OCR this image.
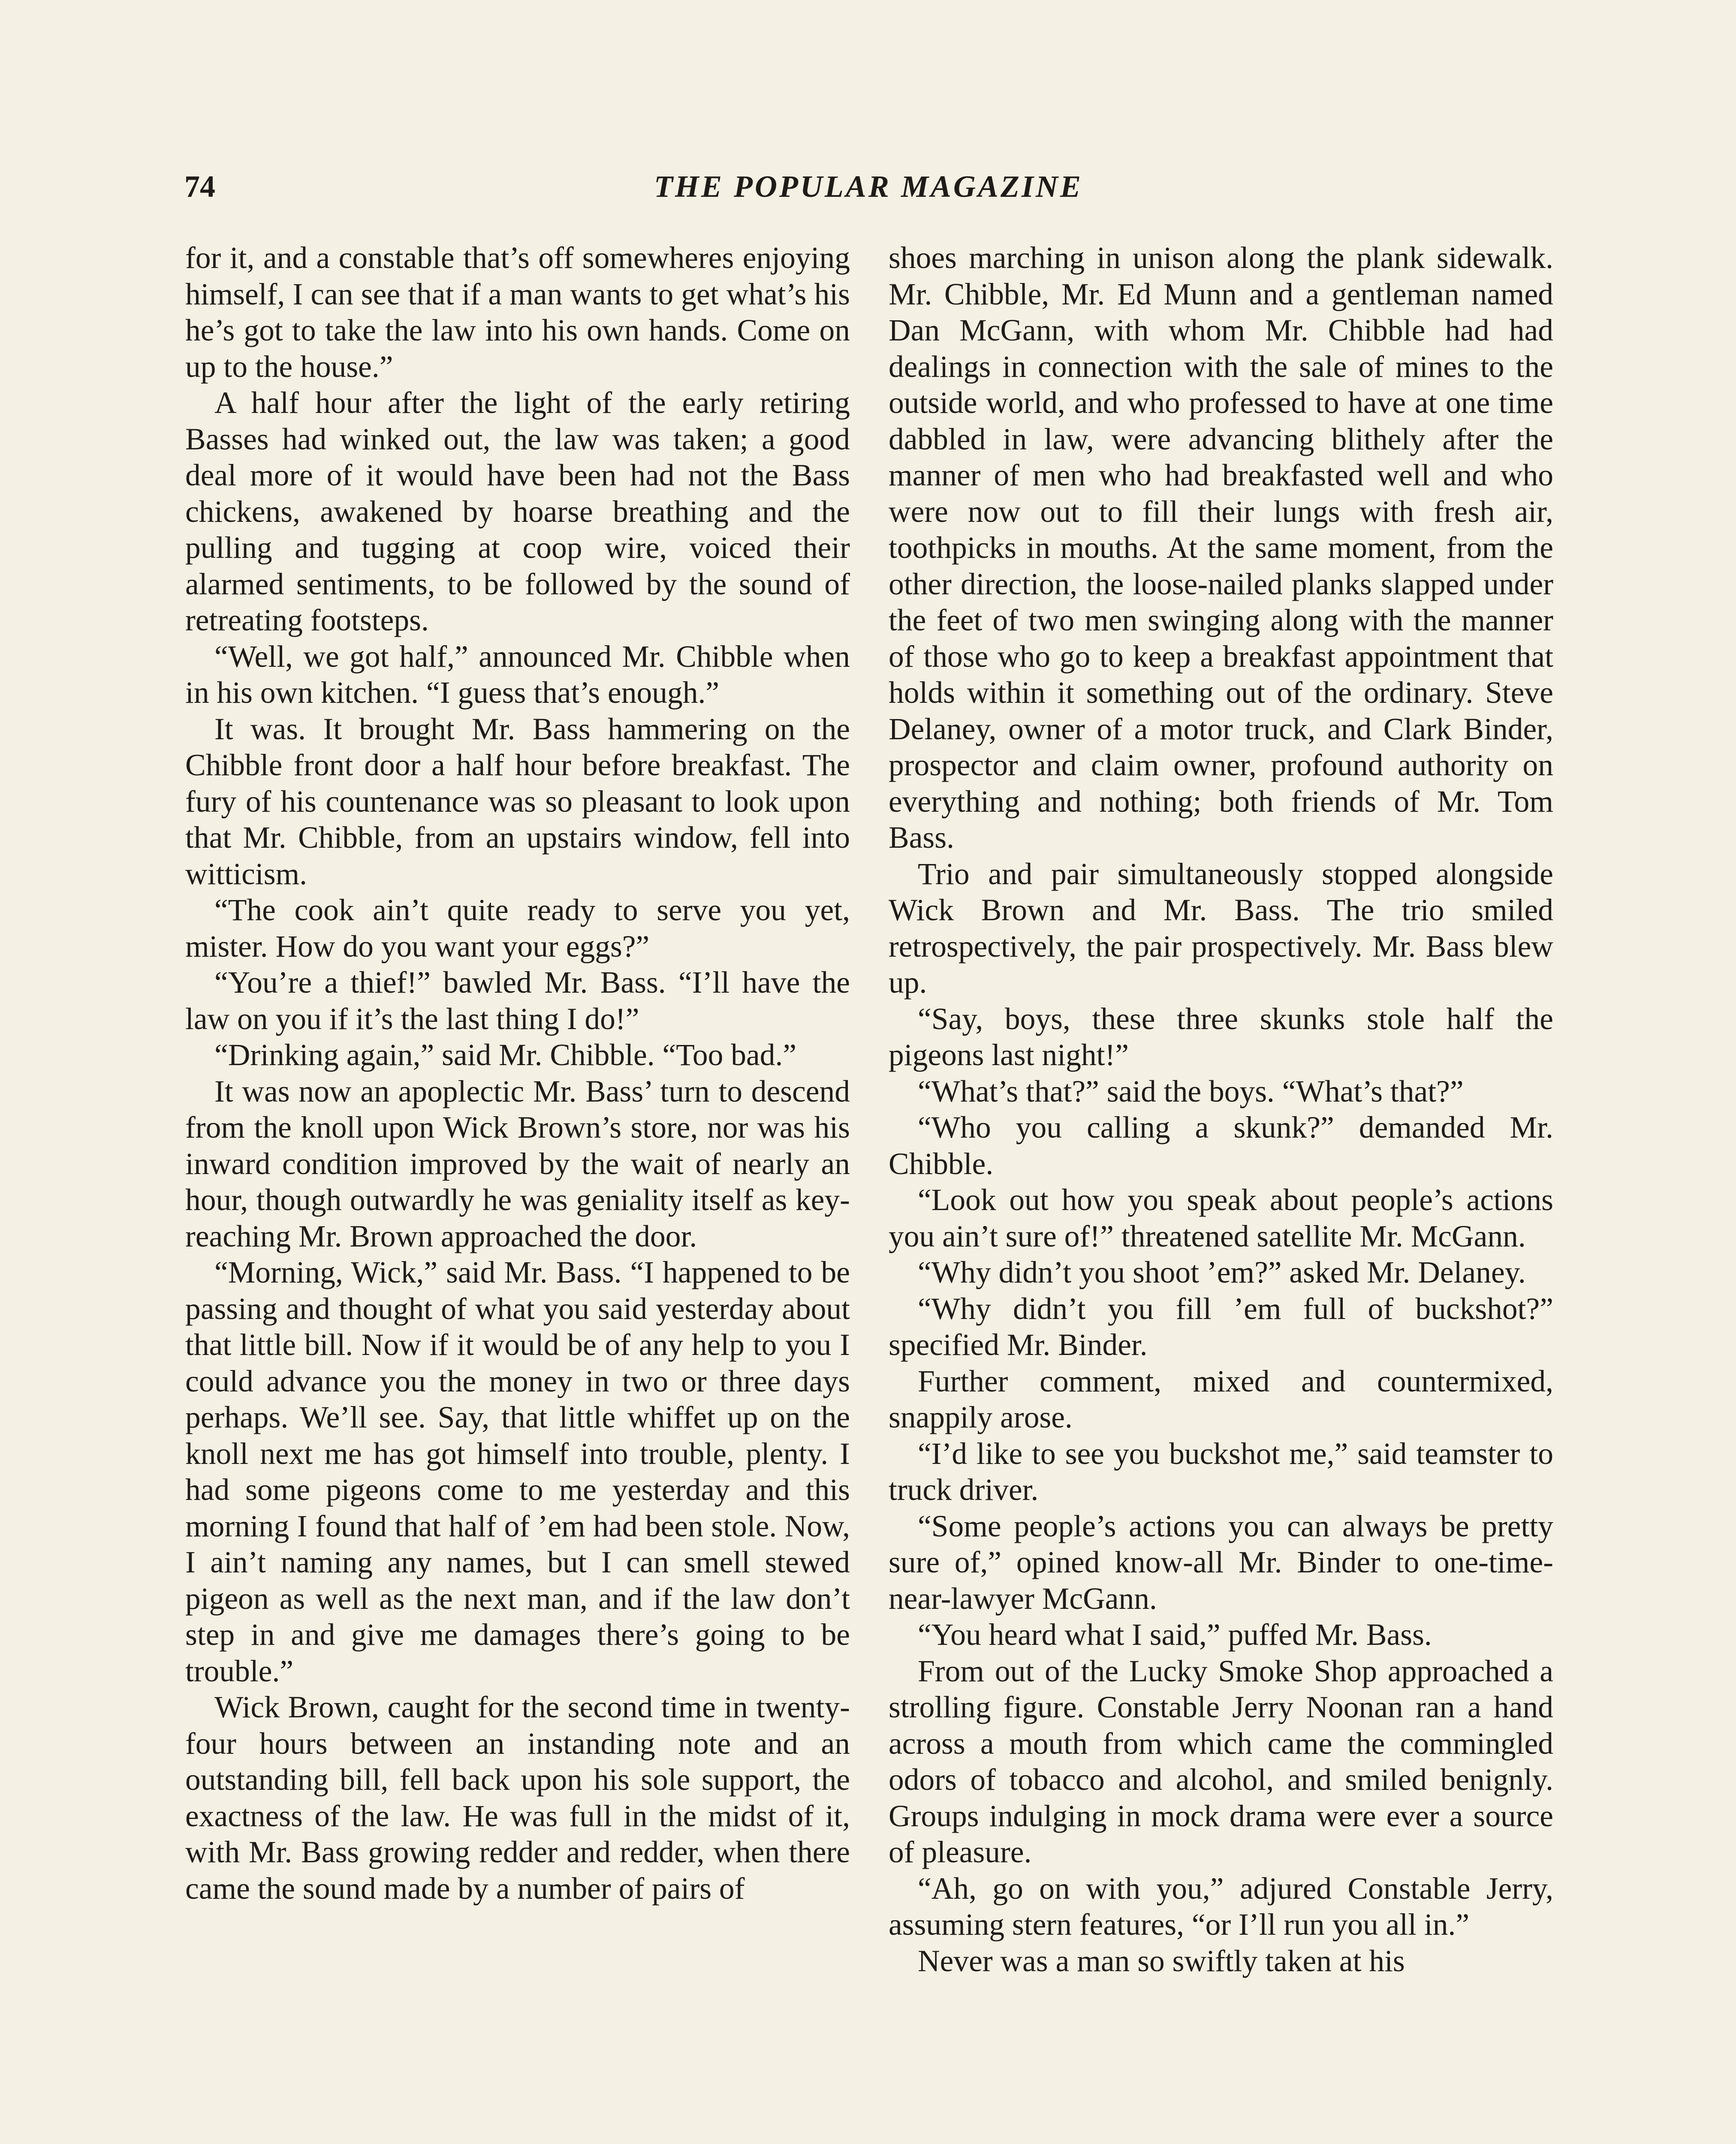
74	THE POPULAR MAGAZINE

for it, and a constable that’s off somewheres enjoying himself, I can see that if a man wants to get what’s his he’s got to take the law into his own hands. Come on up to the house.”

A half hour after the light of the early retiring Basses had winked out, the law was taken; a good deal more of it would have been had not the Bass chickens, awakened by hoarse breathing and the pulling and tugging at coop wire, voiced their alarmed sentiments, to be followed by the sound of retreating footsteps.

“Well, we got half,” announced Mr. Chibble when in his own kitchen. “I guess that’s enough.”

It was. It brought Mr. Bass hammering on the Chibble front door a half hour before breakfast. The fury of his countenance was so pleasant to look upon that Mr. Chibble, from an upstairs window, fell into witticism.

“The cook ain’t quite ready to serve you yet, mister. How do you want your eggs?”

“You’re a thief!” bawled Mr. Bass. “I’ll have the law on you if it’s the last thing I do!”

“Drinking again,” said Mr. Chibble. “Too bad.”

It was now an apoplectic Mr. Bass’ turn to descend from the knoll upon Wick Brown’s store, nor was his inward condition improved by the wait of nearly an hour, though outwardly he was geniality itself as key-reaching Mr. Brown approached the door.

“Morning, Wick,” said Mr. Bass. “I happened to be passing and thought of what you said yesterday about that little bill. Now if it would be of any help to you I could advance you the money in two or three days perhaps. We’ll see. Say, that little whiffet up on the knoll next me has got himself into trouble, plenty. I had some pigeons come to me yesterday and this morning I found that half of ’em had been stole. Now, I ain’t naming any names, but I can smell stewed pigeon as well as the next man, and if the law don’t step in and give me damages there’s going to be trouble.”

Wick Brown, caught for the second time in twenty-four hours between an instanding note and an outstanding bill, fell back upon his sole support, the exactness of the law. He was full in the midst of it, with Mr. Bass growing redder and redder, when there came the sound made by a number of pairs of

shoes marching in unison along the plank sidewalk. Mr. Chibble, Mr. Ed Munn and a gentleman named Dan McGann, with whom Mr. Chibble had had dealings in connection with the sale of mines to the outside world, and who professed to have at one time dabbled in law, were advancing blithely after the manner of men who had breakfasted well and who were now out to fill their lungs with fresh air, toothpicks in mouths. At the same moment, from the other direction, the loose-nailed planks slapped under the feet of two men swinging along with the manner of those who go to keep a breakfast appointment that holds within it something out of the ordinary. Steve Delaney, owner of a motor truck, and Clark Binder, prospector and claim owner, profound authority on everything and nothing; both friends of Mr. Tom Bass.

Trio and pair simultaneously stopped alongside Wick Brown and Mr. Bass. The trio smiled retrospectively, the pair prospectively. Mr. Bass blew up.

“Say, boys, these three skunks stole half the pigeons last night!”

“What’s that?” said the boys. “What’s that?”

“Who you calling a skunk?” demanded Mr. Chibble.

“Look out how you speak about people’s actions you ain’t sure of!” threatened satellite Mr. McGann.

“Why didn’t you shoot ’em?” asked Mr. Delaney.

“Why didn’t you fill ’em full of buckshot?” specified Mr. Binder.

Further comment, mixed and countermixed, snappily arose.

“I’d like to see you buckshot me,” said teamster to truck driver.

“Some people’s actions you can always be pretty sure of,” opined know-all Mr. Binder to one-time-near-lawyer McGann.

“You heard what I said,” puffed Mr. Bass.

From out of the Lucky Smoke Shop approached a strolling figure. Constable Jerry Noonan ran a hand across a mouth from which came the commingled odors of tobacco and alcohol, and smiled benignly. Groups indulging in mock drama were ever a source of pleasure.

“Ah, go on with you,” adjured Constable Jerry, assuming stern features, “or I’ll run you all in.”

Never was a man so swiftly taken at his
